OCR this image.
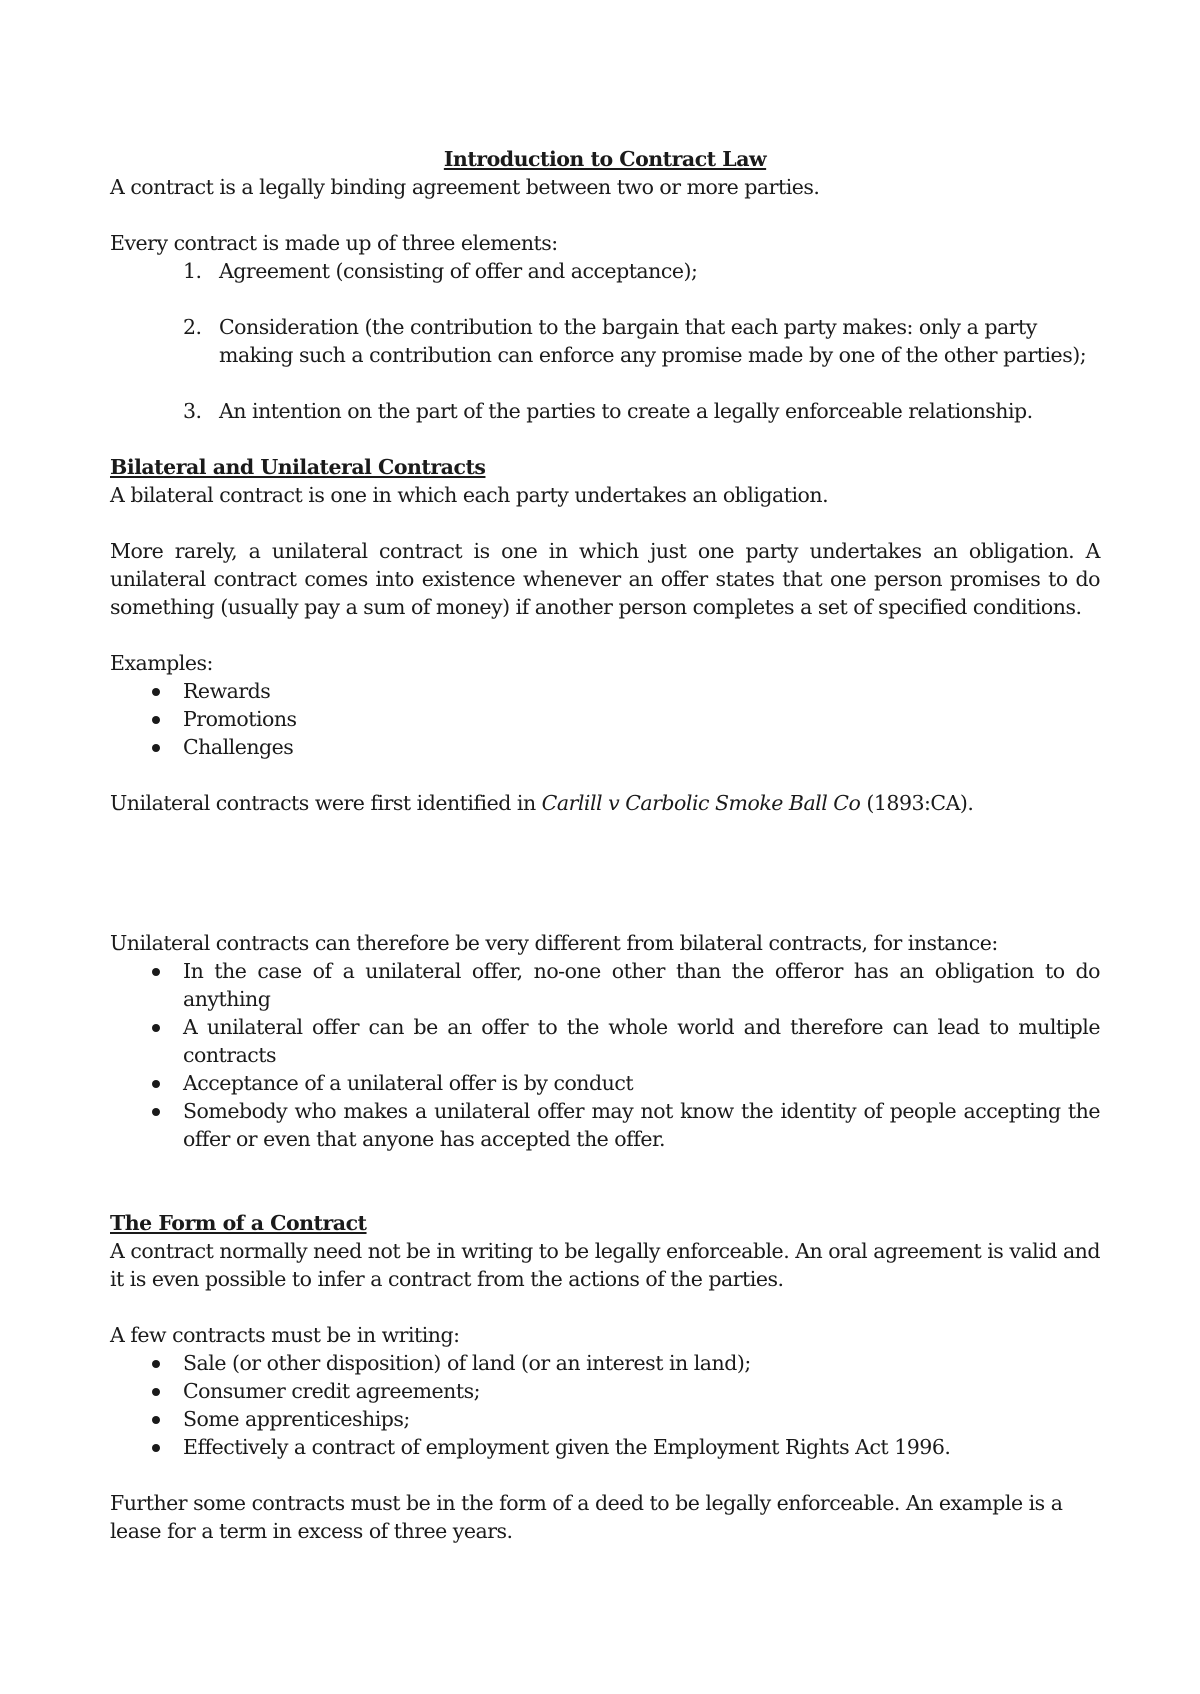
Introduction to Contract Law

A contract is a legally binding agreement between two or more parties.

Every contract is made up of three elements:

1. Agreement (consisting of offer and acceptance);
2. Consideration (the contribution to the bargain that each party makes: only a party making such a contribution can enforce any promise made by one of the other parties);
3. An intention on the part of the parties to create a legally enforceable relationship.

Bilateral and Unilateral Contracts

A bilateral contract is one in which each party undertakes an obligation.

More rarely, a unilateral contract is one in which just one party undertakes an obligation. A unilateral contract comes into existence whenever an offer states that one person promises to do something (usually pay a sum of money) if another person completes a set of specified conditions.

Examples:

Rewards
Promotions
Challenges

Unilateral contracts were first identified in Carlill v Carbolic Smoke Ball Co (1893:CA).

Unilateral contracts can therefore be very different from bilateral contracts, for instance:

In the case of a unilateral offer, no-one other than the offeror has an obligation to do anything
A unilateral offer can be an offer to the whole world and therefore can lead to multiple contracts
Acceptance of a unilateral offer is by conduct
Somebody who makes a unilateral offer may not know the identity of people accepting the offer or even that anyone has accepted the offer.

The Form of a Contract

A contract normally need not be in writing to be legally enforceable. An oral agreement is valid and it is even possible to infer a contract from the actions of the parties.

A few contracts must be in writing:

Sale (or other disposition) of land (or an interest in land);
Consumer credit agreements;
Some apprenticeships;
Effectively a contract of employment given the Employment Rights Act 1996.

Further some contracts must be in the form of a deed to be legally enforceable. An example is a lease for a term in excess of three years.
